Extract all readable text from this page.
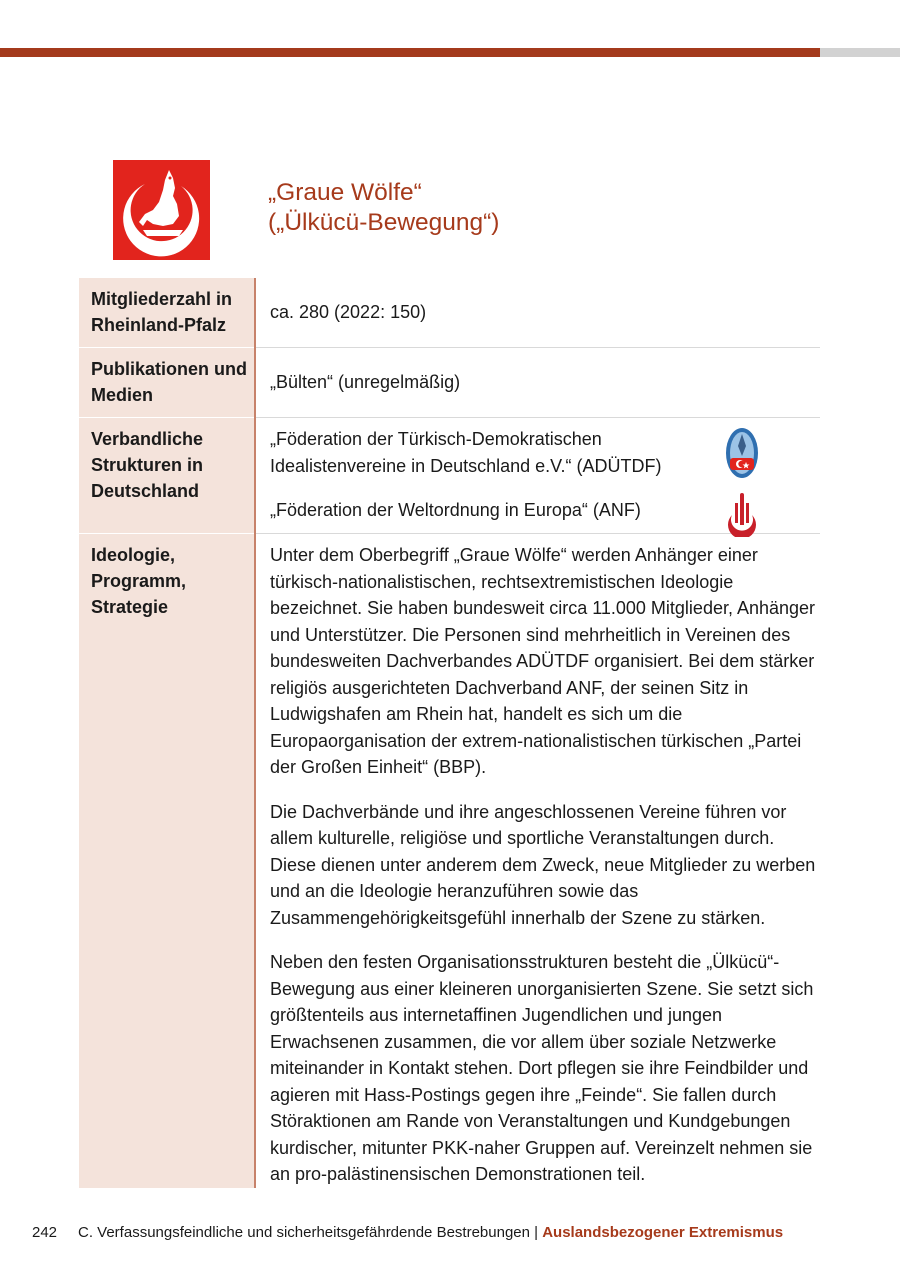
„Graue Wölfe“
(„Ülkücü-Bewegung“)
Mitgliederzahl in Rheinland-Pfalz	ca. 280 (2022: 150)

Publikationen und Medien	„Bülten“ (unregelmäßig)

Verbandliche Strukturen in Deutschland	„Föderation der Türkisch-Demokratischen Idealistenvereine in Deutschland e.V.“ (ADÜTDF)
„Föderation der Weltordnung in Europa“ (ANF)

Ideologie, Programm, Strategie	Unter dem Oberbegriff „Graue Wölfe“ werden Anhänger einer türkisch-nationalistischen, rechtsextremistischen Ideologie bezeichnet. Sie haben bundesweit circa 11.000 Mitglieder, Anhänger und Unterstützer. Die Personen sind mehrheitlich in Vereinen des bundesweiten Dachverbandes ADÜTDF organisiert. Bei dem stärker religiös ausgerichteten Dachverband ANF, der seinen Sitz in Ludwigshafen am Rhein hat, handelt es sich um die Europaorganisation der extrem-nationalistischen türkischen „Partei der Großen Einheit“ (BBP).

Die Dachverbände und ihre angeschlossenen Vereine führen vor allem kulturelle, religiöse und sportliche Veranstaltungen durch. Diese dienen unter anderem dem Zweck, neue Mitglieder zu werben und an die Ideologie heranzuführen sowie das Zusammengehörigkeitsgefühl innerhalb der Szene zu stärken.

Neben den festen Organisationsstrukturen besteht die „Ülkücü“-Bewegung aus einer kleineren unorganisierten Szene. Sie setzt sich größtenteils aus internetaffinen Jugendlichen und jungen Erwachsenen zusammen, die vor allem über soziale Netzwerke miteinander in Kontakt stehen. Dort pflegen sie ihre Feindbilder und agieren mit Hass-Postings gegen ihre „Feinde“. Sie fallen durch Störaktionen am Rande von Veranstaltungen und Kundgebungen kurdischer, mitunter PKK-naher Gruppen auf. Vereinzelt nehmen sie an pro-palästinensischen Demonstrationen teil.

242 C. Verfassungsfeindliche und sicherheitsgefährdende Bestrebungen | Auslandsbezogener Extremismus
